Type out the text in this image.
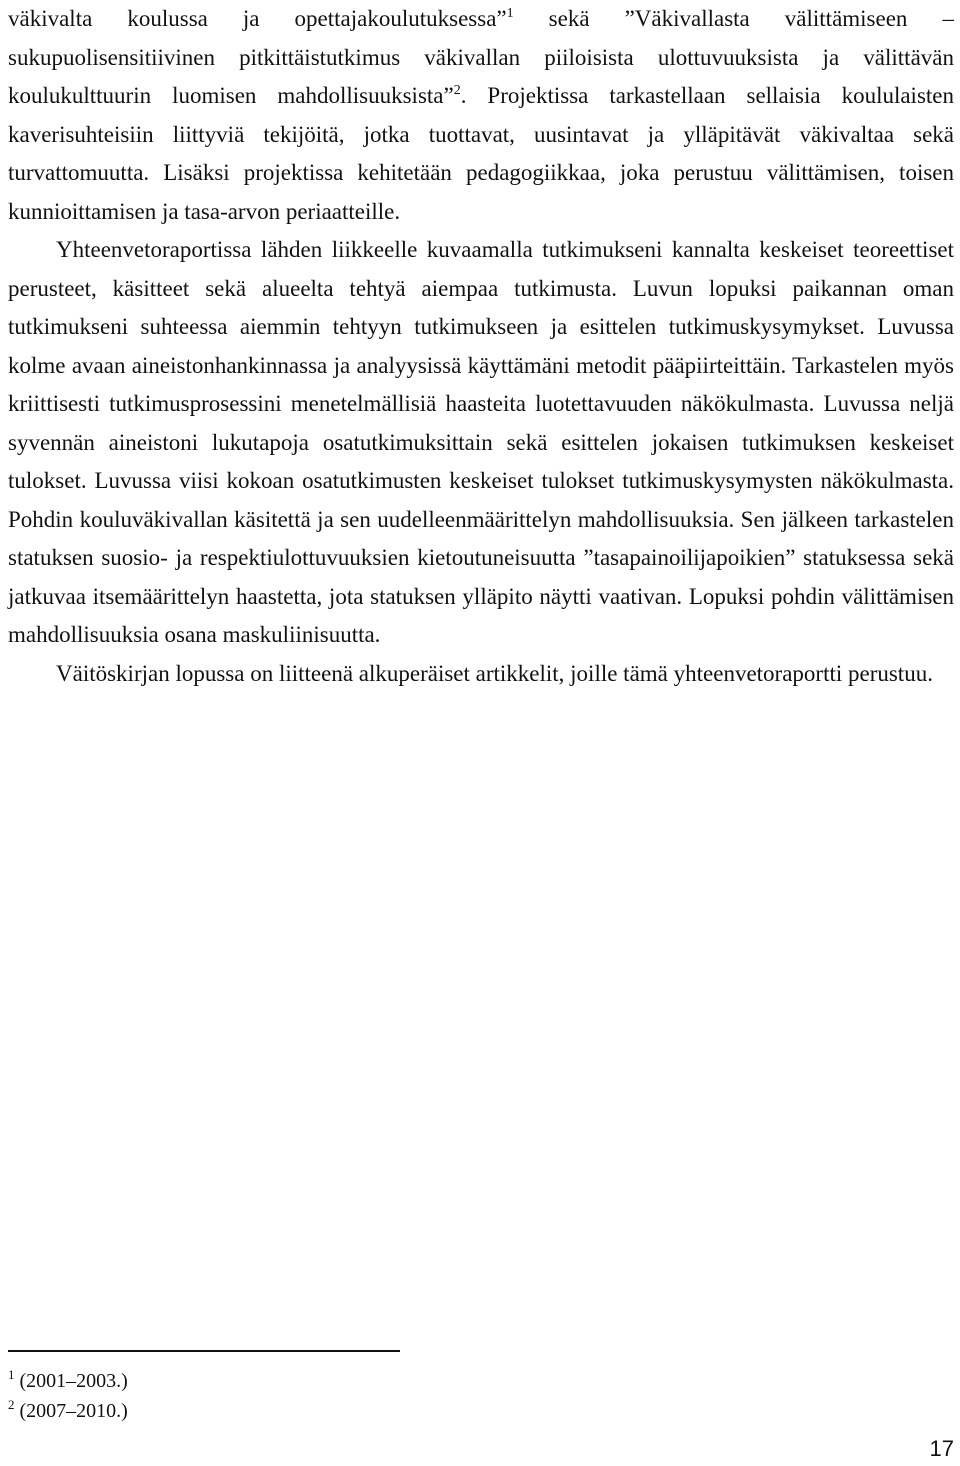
väkivalta koulussa ja opettajakoulutuksessa”$^1$ sekä ”Väkivallasta välittämiseen – sukupuolisensitiivinen pitkittäistutkimus väkivallan piiloisista ulottuvuuksista ja välittävän koulukulttuurin luomisen mahdollisuuksista”$^2$. Projektissa tarkastellaan sellaisia koululaisten kaverisuhteisiin liittyviä tekijöitä, jotka tuottavat, uusintavat ja ylläpitävät väkivaltaa sekä turvattomuutta. Lisäksi projektissa kehitetään pedagogiikkaa, joka perustuu välittämisen, toisen kunnioittamisen ja tasa-arvon periaatteille.

Yhteenvetoraportissa lähden liikkeelle kuvaamalla tutkimukseni kannalta keskeiset teoreettiset perusteet, käsitteet sekä alueelta tehtyä aiempaa tutkimusta. Luvun lopuksi paikannan oman tutkimukseni suhteessa aiemmin tehtyyn tutkimukseen ja esittelen tutkimuskysymykset. Luvussa kolme avaan aineistonhankinnassa ja analyysissä käyttämäni metodit pääpiirteittäin. Tarkastelen myös kriittisesti tutkimusprosessini menetelmällisiä haasteita luotettavuuden näkökulmasta. Luvussa neljä syvennän aineistoni lukutapoja osatutkimuksittain sekä esittelen jokaisen tutkimuksen keskeiset tulokset. Luvussa viisi kokoan osatutkimusten keskeiset tulokset tutkimuskysymysten näkökulmasta. Pohdin kouluväkivallan käsitettä ja sen uudelleenmäärittelyn mahdollisuuksia. Sen jälkeen tarkastelen statuksen suosio- ja respektiulottuvuuksien kietoutuneisuutta ”tasapainoilijapoikien” statuksessa sekä jatkuvaa itsemäärittelyn haastetta, jota statuksen ylläpito näytti vaativan. Lopuksi pohdin välittämisen mahdollisuuksia osana maskuliinisuutta.

Väitöskirjan lopussa on liitteenä alkuperäiset artikkelit, joille tämä yhteenvetoraportti perustuu.

$^1$ (2001–2003.)
$^2$ (2007–2010.)
17
